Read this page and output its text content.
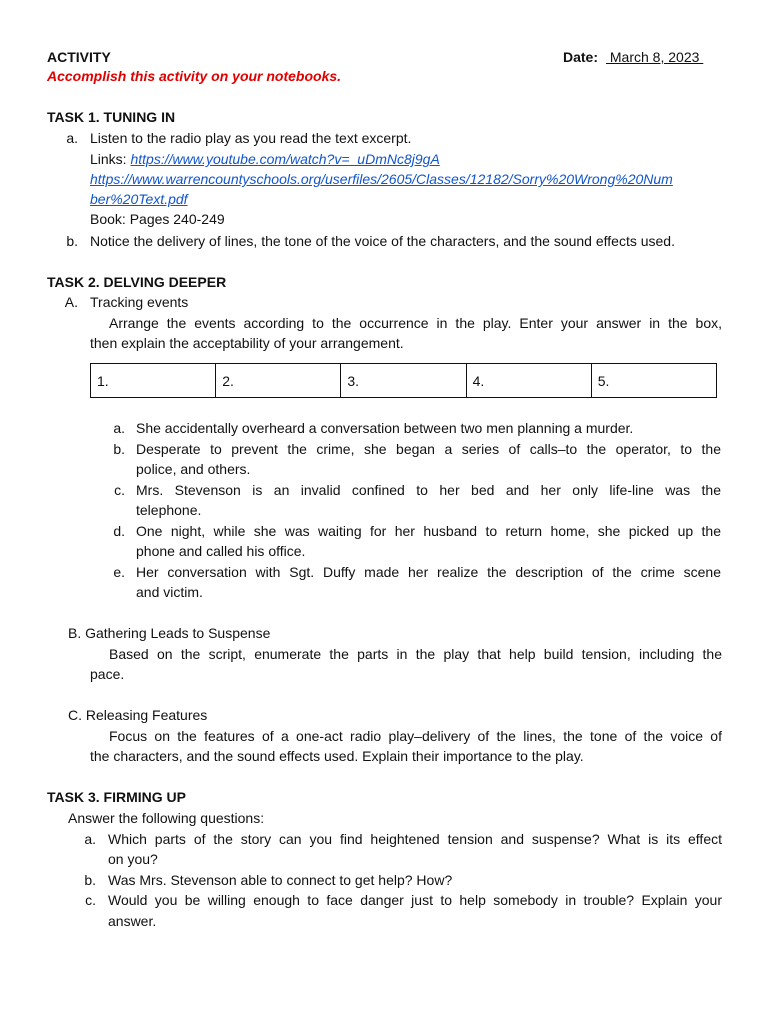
ACTIVITY	Date: March 8, 2023
Accomplish this activity on your notebooks.
TASK 1. TUNING IN
a. Listen to the radio play as you read the text excerpt.
Links: https://www.youtube.com/watch?v=_uDmNc8j9gA
https://www.warrencountyschools.org/userfiles/2605/Classes/12182/Sorry%20Wrong%20Num
ber%20Text.pdf
Book: Pages 240-249
b. Notice the delivery of lines, the tone of the voice of the characters, and the sound effects used.
TASK 2. DELVING DEEPER
A. Tracking events
Arrange the events according to the occurrence in the play. Enter your answer in the box,
then explain the acceptability of your arrangement.
1.	2.	3.	4.	5.
a. She accidentally overheard a conversation between two men planning a murder.
b. Desperate to prevent the crime, she began a series of calls–to the operator, to the
police, and others.
c. Mrs. Stevenson is an invalid confined to her bed and her only life-line was the
telephone.
d. One night, while she was waiting for her husband to return home, she picked up the
phone and called his office.
e. Her conversation with Sgt. Duffy made her realize the description of the crime scene
and victim.
B. Gathering Leads to Suspense
Based on the script, enumerate the parts in the play that help build tension, including the
pace.
C. Releasing Features
Focus on the features of a one-act radio play–delivery of the lines, the tone of the voice of
the characters, and the sound effects used. Explain their importance to the play.
TASK 3. FIRMING UP
Answer the following questions:
a. Which parts of the story can you find heightened tension and suspense? What is its effect
on you?
b. Was Mrs. Stevenson able to connect to get help? How?
c. Would you be willing enough to face danger just to help somebody in trouble? Explain your
answer.
